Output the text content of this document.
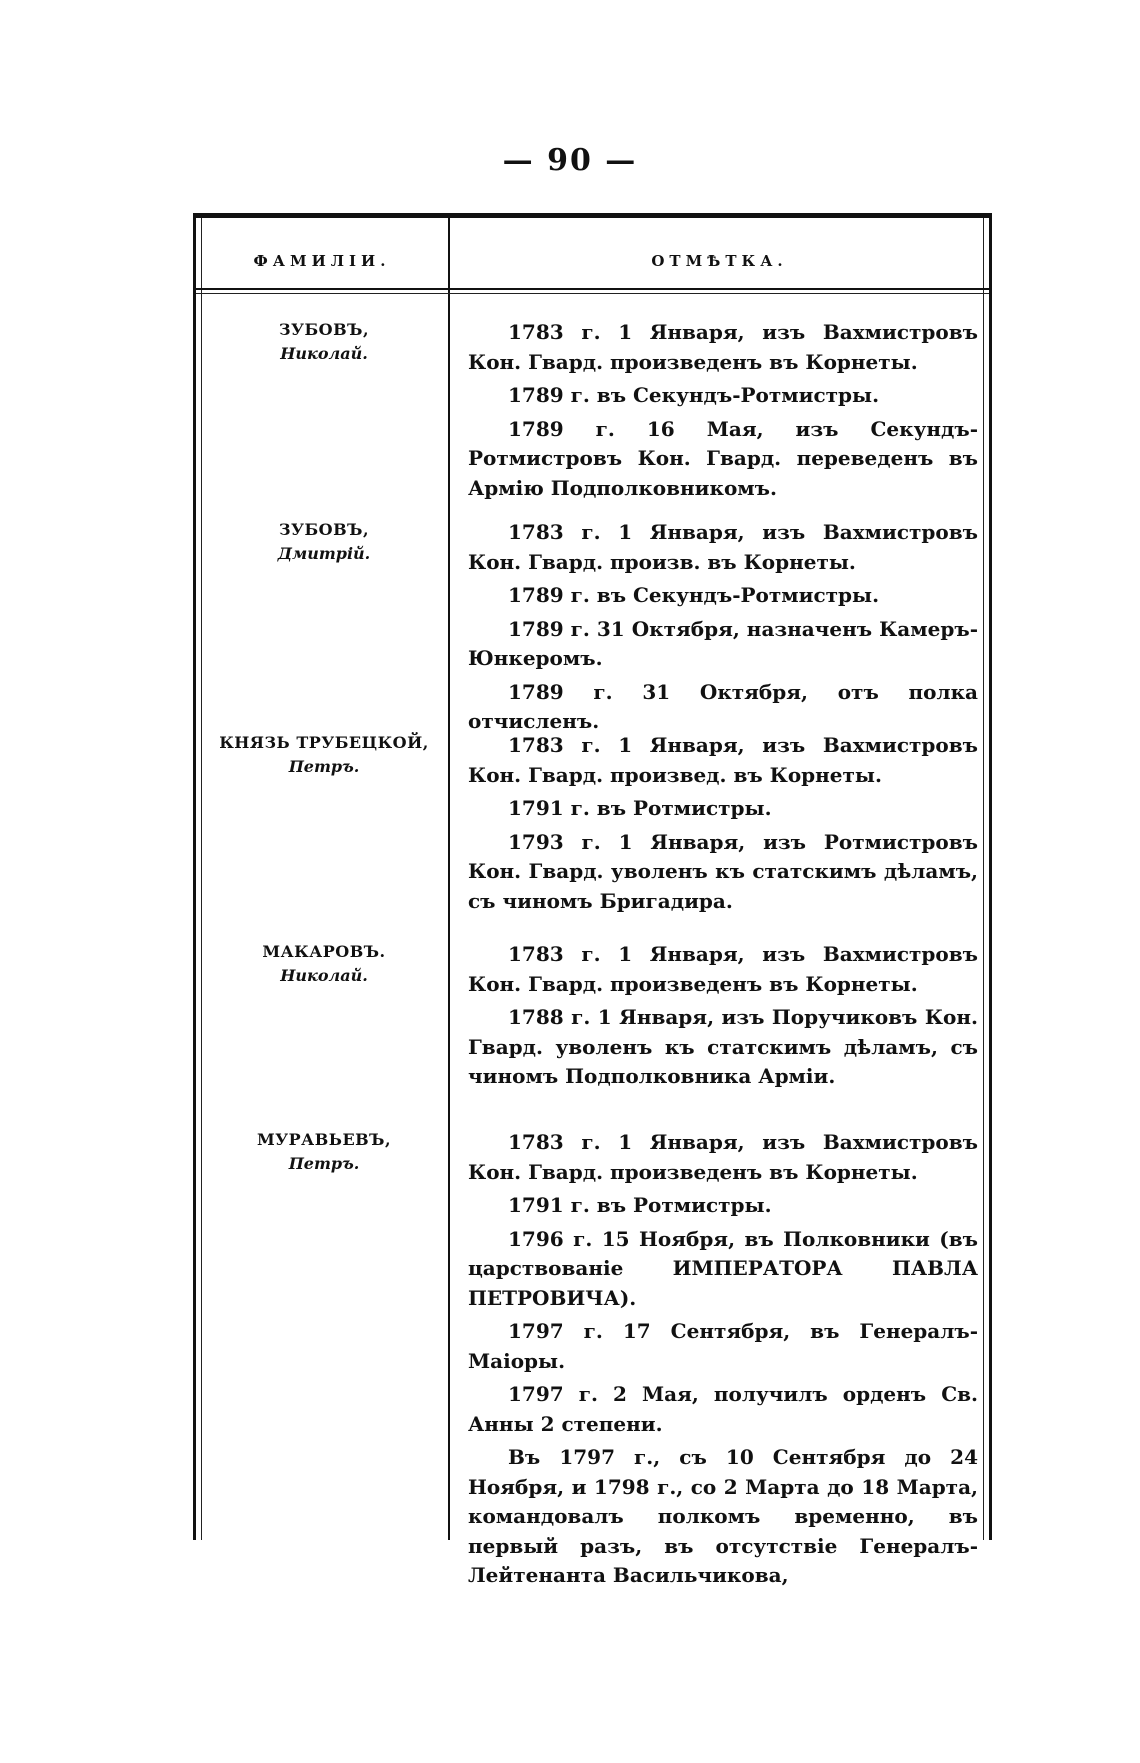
— 90 —
ФАМИЛІИ.	ОТМѢТКА.
ЗУБОВЪ,
Николай.

1783 г. 1 Января, изъ Вахмистровъ Кон. Гвард. произведенъ въ Корнеты.

1789 г. въ Секундъ-Ротмистры.

1789 г. 16 Мая, изъ Секундъ-Ротмистровъ Кон. Гвард. переведенъ въ Армію Подполковникомъ.

ЗУБОВЪ,
Дмитрій.

1783 г. 1 Января, изъ Вахмистровъ Кон. Гвард. произв. въ Корнеты.

1789 г. въ Секундъ-Ротмистры.

1789 г. 31 Октября, назначенъ Камеръ-Юнкеромъ.

1789 г. 31 Октября, отъ полка отчисленъ.

КНЯЗЬ ТРУБЕЦКОЙ,
Петръ.

1783 г. 1 Января, изъ Вахмистровъ Кон. Гвард. произвед. въ Корнеты.

1791 г. въ Ротмистры.

1793 г. 1 Января, изъ Ротмистровъ Кон. Гвард. уволенъ къ статскимъ дѣламъ, съ чиномъ Бригадира.

МАКАРОВЪ.
Николай.

1783 г. 1 Января, изъ Вахмистровъ Кон. Гвард. произведенъ въ Корнеты.

1788 г. 1 Января, изъ Поручиковъ Кон. Гвард. уволенъ къ статскимъ дѣламъ, съ чиномъ Подполковника Арміи.

МУРАВЬЕВЪ,
Петръ.

1783 г. 1 Января, изъ Вахмистровъ Кон. Гвард. произведенъ въ Корнеты.

1791 г. въ Ротмистры.

1796 г. 15 Ноября, въ Полковники (въ царствованіе ИМПЕРАТОРА ПАВЛА ПЕТРОВИЧА).

1797 г. 17 Сентября, въ Генералъ-Маіоры.

1797 г. 2 Мая, получилъ орденъ Св. Анны 2 степени.

Въ 1797 г., съ 10 Сентября до 24 Ноября, и 1798 г., со 2 Марта до 18 Марта, командовалъ полкомъ временно, въ первый разъ, въ отсутствіе Генералъ-Лейтенанта Васильчикова,
